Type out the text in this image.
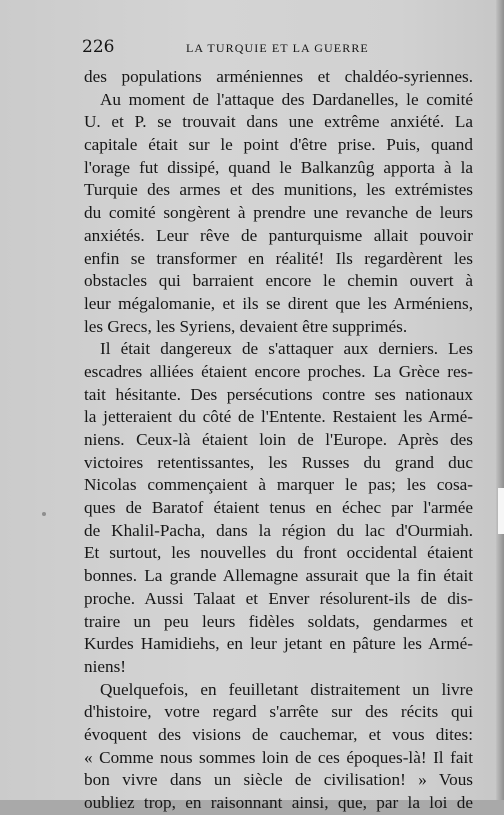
226	LA TURQUIE ET LA GUERRE
des populations arméniennes et chaldéo-syriennes.
Au moment de l'attaque des Dardanelles, le comité
U. et P. se trouvait dans une extrême anxiété. La
capitale était sur le point d'être prise. Puis, quand
l'orage fut dissipé, quand le Balkanzûg apporta à la
Turquie des armes et des munitions, les extrémistes
du comité songèrent à prendre une revanche de leurs
anxiétés. Leur rêve de panturquisme allait pouvoir
enfin se transformer en réalité! Ils regardèrent les
obstacles qui barraient encore le chemin ouvert à
leur mégalomanie, et ils se dirent que les Arméniens,
les Grecs, les Syriens, devaient être supprimés.
Il était dangereux de s'attaquer aux derniers. Les
escadres alliées étaient encore proches. La Grèce res-
tait hésitante. Des persécutions contre ses nationaux
la jetteraient du côté de l'Entente. Restaient les Armé-
niens. Ceux-là étaient loin de l'Europe. Après des
victoires retentissantes, les Russes du grand duc
Nicolas commençaient à marquer le pas; les cosa-
ques de Baratof étaient tenus en échec par l'armée
de Khalil-Pacha, dans la région du lac d'Ourmiah.
Et surtout, les nouvelles du front occidental étaient
bonnes. La grande Allemagne assurait que la fin était
proche. Aussi Talaat et Enver résolurent-ils de dis-
traire un peu leurs fidèles soldats, gendarmes et
Kurdes Hamidiehs, en leur jetant en pâture les Armé-
niens!
Quelquefois, en feuilletant distraitement un livre
d'histoire, votre regard s'arrête sur des récits qui
évoquent des visions de cauchemar, et vous dites:
« Comme nous sommes loin de ces époques-là! Il fait
bon vivre dans un siècle de civilisation! » Vous
oubliez trop, en raisonnant ainsi, que, par la loi de
